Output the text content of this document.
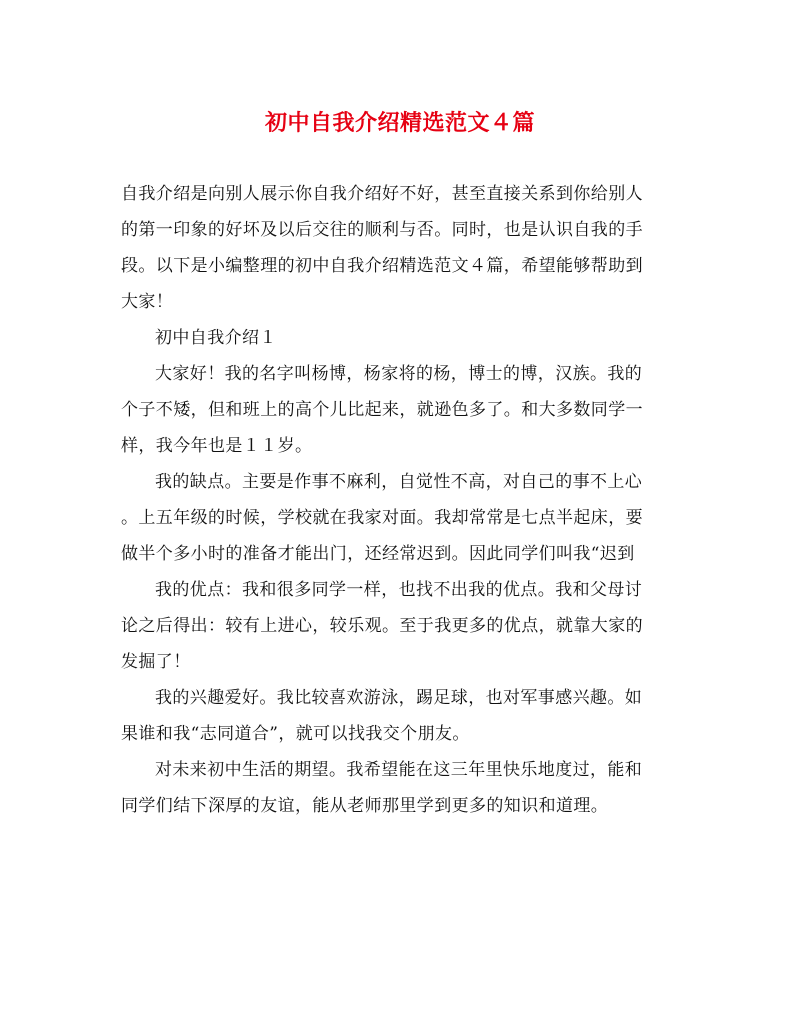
初中自我介绍精选范文４篇
自我介绍是向别人展示你自我介绍好不好，甚至直接关系到你给别人
的第一印象的好坏及以后交往的顺利与否。同时，也是认识自我的手
段。以下是小编整理的初中自我介绍精选范文４篇，希望能够帮助到
大家！
初中自我介绍１
大家好！我的名字叫杨博，杨家将的杨，博士的博，汉族。我的
个子不矮，但和班上的高个儿比起来，就逊色多了。和大多数同学一
样，我今年也是１１岁。
我的缺点。主要是作事不麻利，自觉性不高，对自己的事不上心
。上五年级的时候，学校就在我家对面。我却常常是七点半起床，要
做半个多小时的准备才能出门，还经常迟到。因此同学们叫我“迟到
我的优点：我和很多同学一样，也找不出我的优点。我和父母讨
论之后得出：较有上进心，较乐观。至于我更多的优点，就靠大家的
发掘了！
我的兴趣爱好。我比较喜欢游泳，踢足球，也对军事感兴趣。如
果谁和我“志同道合”，就可以找我交个朋友。
对未来初中生活的期望。我希望能在这三年里快乐地度过，能和
同学们结下深厚的友谊，能从老师那里学到更多的知识和道理。
